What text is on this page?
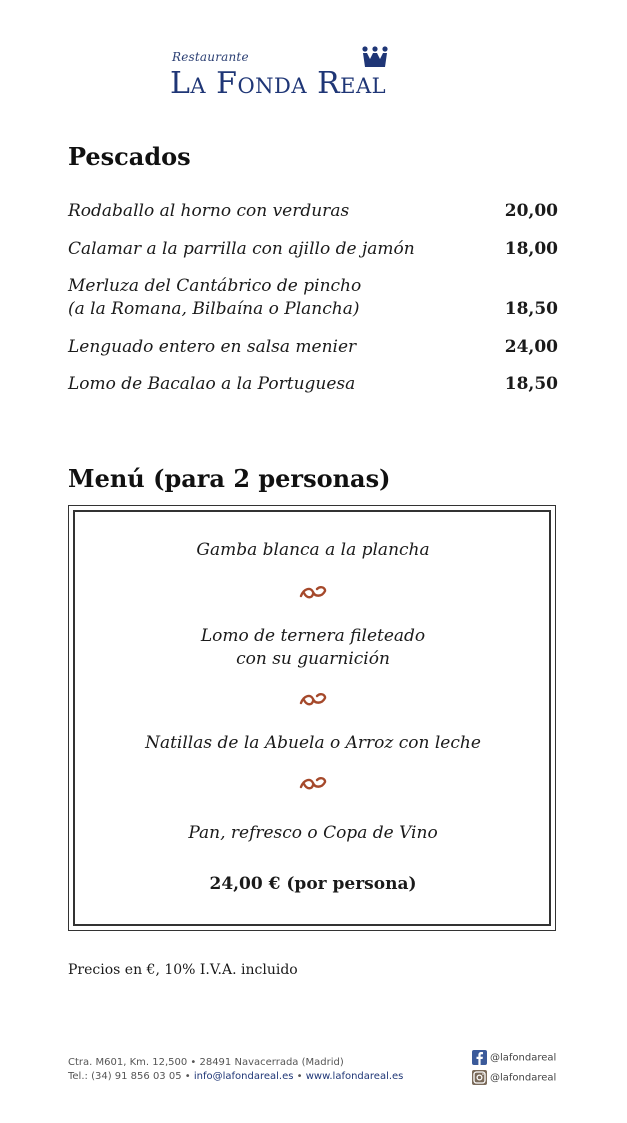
Restaurante
La Fonda Real
Pescados
Rodaballo al horno con verduras	20,00
Calamar a la parrilla con ajillo de jamón	18,00
Merluza del Cantábrico de pincho
(a la Romana, Bilbaína o Plancha)	18,50
Lenguado entero en salsa menier	24,00
Lomo de Bacalao a la Portuguesa	18,50
Menú (para 2 personas)
Gamba blanca a la plancha
Lomo de ternera fileteado
con su guarnición
Natillas de la Abuela o Arroz con leche
Pan, refresco o Copa de Vino
24,00 € (por persona)
Precios en €, 10% I.V.A. incluido
Ctra. M601, Km. 12,500 • 28491 Navacerrada (Madrid)
Tel.: (34) 91 856 03 05 • info@lafondareal.es • www.lafondareal.es
@lafondareal
@lafondareal
